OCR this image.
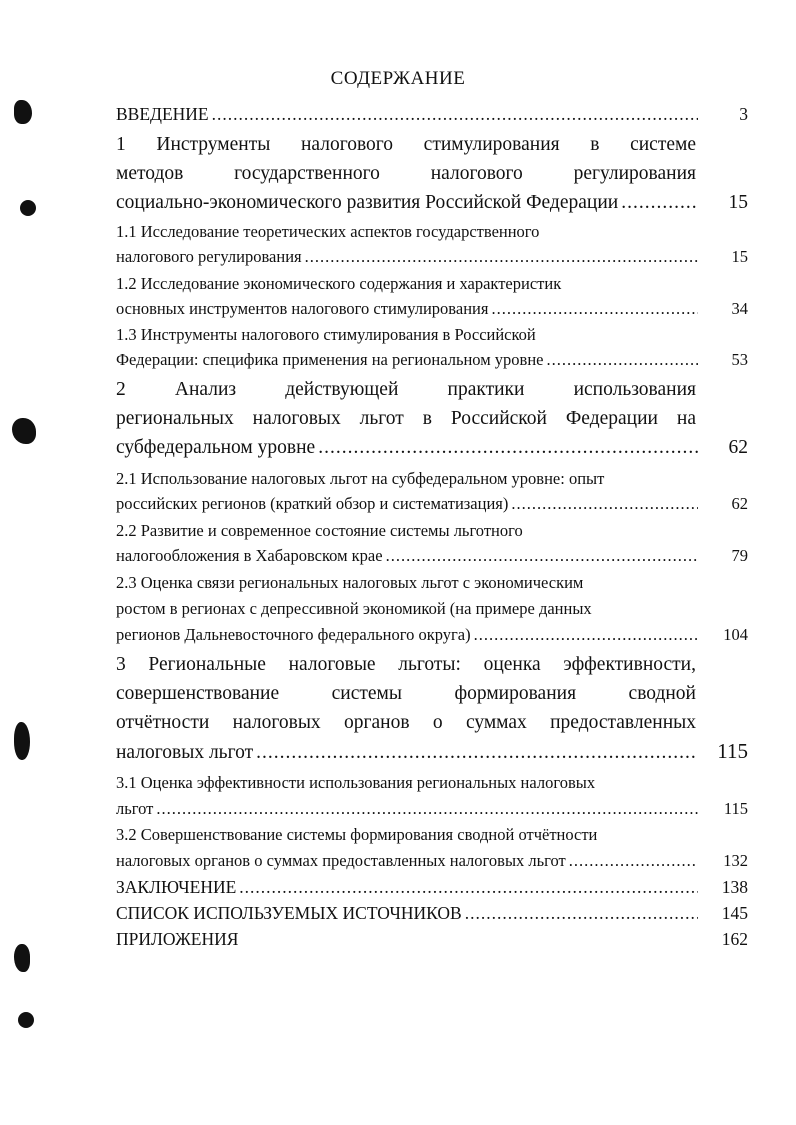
СОДЕРЖАНИЕ
ВВЕДЕНИЕ .....	3
1 Инструменты налогового стимулирования в системе
методов государственного налогового регулирования
социально-экономического развития Российской Федерации .....	15
1.1 Исследование теоретических аспектов государственного
налогового регулирования .....	15
1.2 Исследование экономического содержания и характеристик
основных инструментов налогового стимулирования .....	34
1.3 Инструменты налогового стимулирования в Российской
Федерации: специфика применения на региональном уровне .....	53
2 Анализ действующей практики использования
региональных налоговых льгот в Российской Федерации на
субфедеральном уровне .....	62
2.1 Использование налоговых льгот на субфедеральном уровне: опыт
российских регионов (краткий обзор и систематизация) .....	62
2.2 Развитие и современное состояние системы льготного
налогообложения в Хабаровском крае .....	79
2.3 Оценка связи региональных налоговых льгот с экономическим
ростом в регионах с депрессивной экономикой (на примере данных
регионов Дальневосточного федерального округа) .....	104
3 Региональные налоговые льготы: оценка эффективности,
совершенствование системы формирования сводной
отчётности налоговых органов о суммах предоставленных
налоговых льгот .....	115
3.1 Оценка эффективности использования региональных налоговых
льгот .....	115
3.2 Совершенствование системы формирования сводной отчётности
налоговых органов о суммах предоставленных налоговых льгот .....	132
ЗАКЛЮЧЕНИЕ .....	138
СПИСОК ИСПОЛЬЗУЕМЫХ ИСТОЧНИКОВ .....	145
ПРИЛОЖЕНИЯ	162
